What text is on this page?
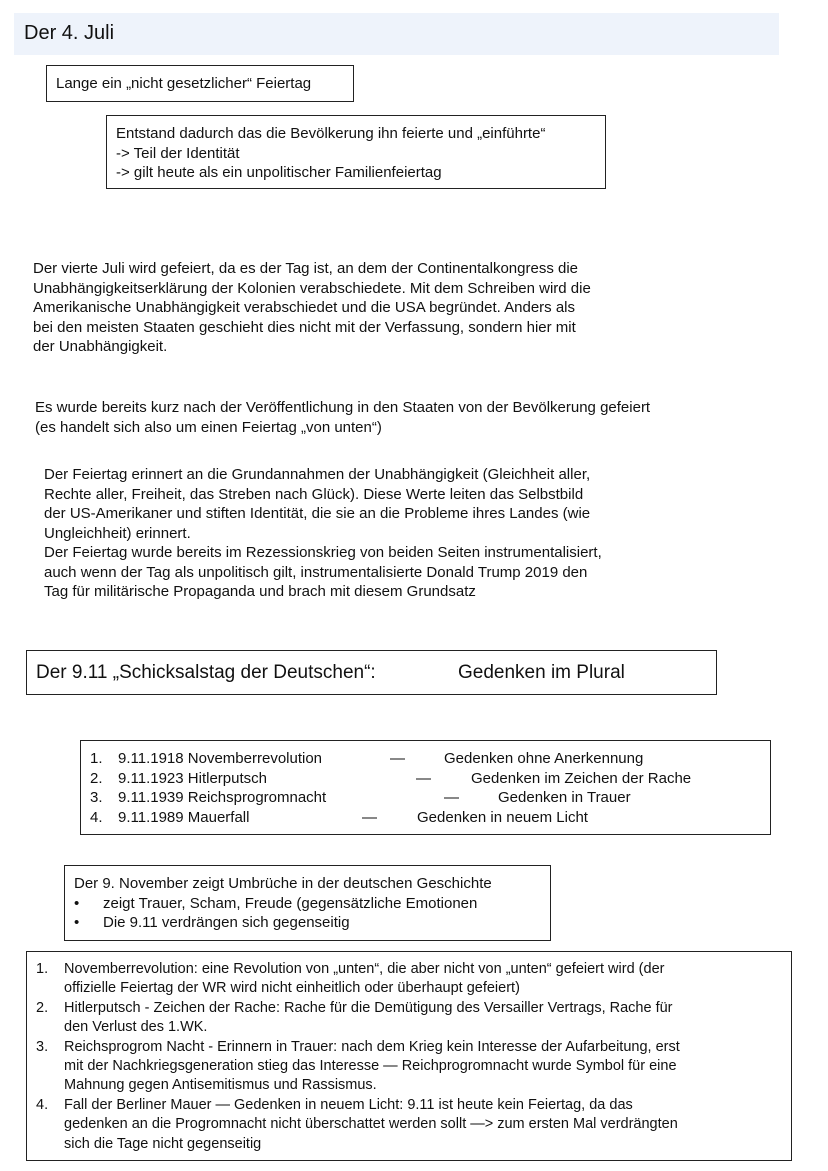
Der 4. Juli
Lange ein „nicht gesetzlicher“ Feiertag
Entstand dadurch das die Bevölkerung ihn feierte und „einführte“
-> Teil der Identität
-> gilt heute als ein unpolitischer Familienfeiertag
Der vierte Juli wird gefeiert, da es der Tag ist, an dem der Continentalkongress die
Unabhängigkeitserklärung der Kolonien verabschiedete. Mit dem Schreiben wird die
Amerikanische Unabhängigkeit verabschiedet und die USA begründet. Anders als
bei den meisten Staaten geschieht dies nicht mit der Verfassung, sondern hier mit
der Unabhängigkeit.
Es wurde bereits kurz nach der Veröffentlichung in den Staaten von der Bevölkerung gefeiert
(es handelt sich also um einen Feiertag „von unten“)
Der Feiertag erinnert an die Grundannahmen der Unabhängigkeit (Gleichheit aller,
Rechte aller, Freiheit, das Streben nach Glück). Diese Werte leiten das Selbstbild
der US-Amerikaner und stiften Identität, die sie an die Probleme ihres Landes (wie
Ungleichheit) erinnert.
Der Feiertag wurde bereits im Rezessionskrieg von beiden Seiten instrumentalisiert,
auch wenn der Tag als unpolitisch gilt, instrumentalisierte Donald Trump 2019 den
Tag für militärische Propaganda und brach mit diesem Grundsatz
Der 9.11 „Schicksalstag der Deutschen“:	Gedenken im Plural
1.	9.11.1918 Novemberrevolution	—	Gedenken ohne Anerkennung
2.	9.11.1923 Hitlerputsch	—	Gedenken im Zeichen der Rache
3.	9.11.1939 Reichsprogromnacht	—	Gedenken in Trauer
4.	9.11.1989 Mauerfall	—	Gedenken in neuem Licht
Der 9. November zeigt Umbrüche in der deutschen Geschichte
•	zeigt Trauer, Scham, Freude (gegensätzliche Emotionen
•	Die 9.11 verdrängen sich gegenseitig
1.	Novemberrevolution: eine Revolution von „unten“, die aber nicht von „unten“ gefeiert wird (der
offizielle Feiertag der WR wird nicht einheitlich oder überhaupt gefeiert)
2.	Hitlerputsch - Zeichen der Rache: Rache für die Demütigung des Versailler Vertrags, Rache für
den Verlust des 1.WK.
3.	Reichsprogrom Nacht - Erinnern in Trauer: nach dem Krieg kein Interesse der Aufarbeitung, erst
mit der Nachkriegsgeneration stieg das Interesse — Reichprogromnacht wurde Symbol für eine
Mahnung gegen Antisemitismus und Rassismus.
4.	Fall der Berliner Mauer — Gedenken in neuem Licht: 9.11 ist heute kein Feiertag, da das
gedenken an die Progromnacht nicht überschattet werden sollt —> zum ersten Mal verdrängten
sich die Tage nicht gegenseitig
